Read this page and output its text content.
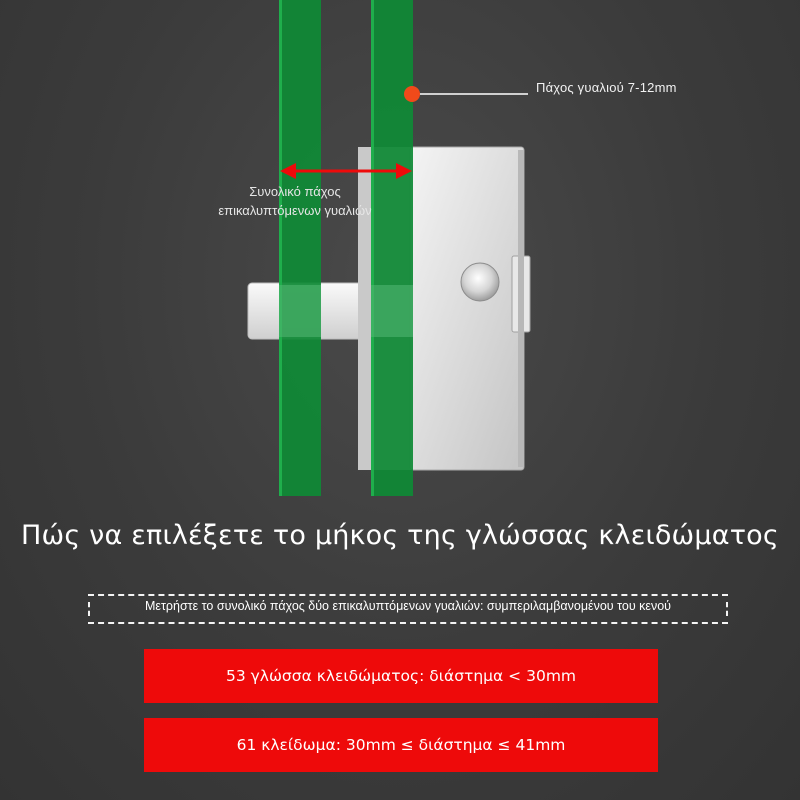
Πάχος γυαλιού 7-12mm
Συνολικό πάχος
επικαλυπτόμενων γυαλιών
Πώς να επιλέξετε το μήκος της γλώσσας κλειδώματος
Μετρήστε το συνολικό πάχος δύο επικαλυπτόμενων γυαλιών: συμπεριλαμβανομένου του κενού
53 γλώσσα κλειδώματος: διάστημα < 30mm
61 κλείδωμα: 30mm ≤ διάστημα ≤ 41mm
